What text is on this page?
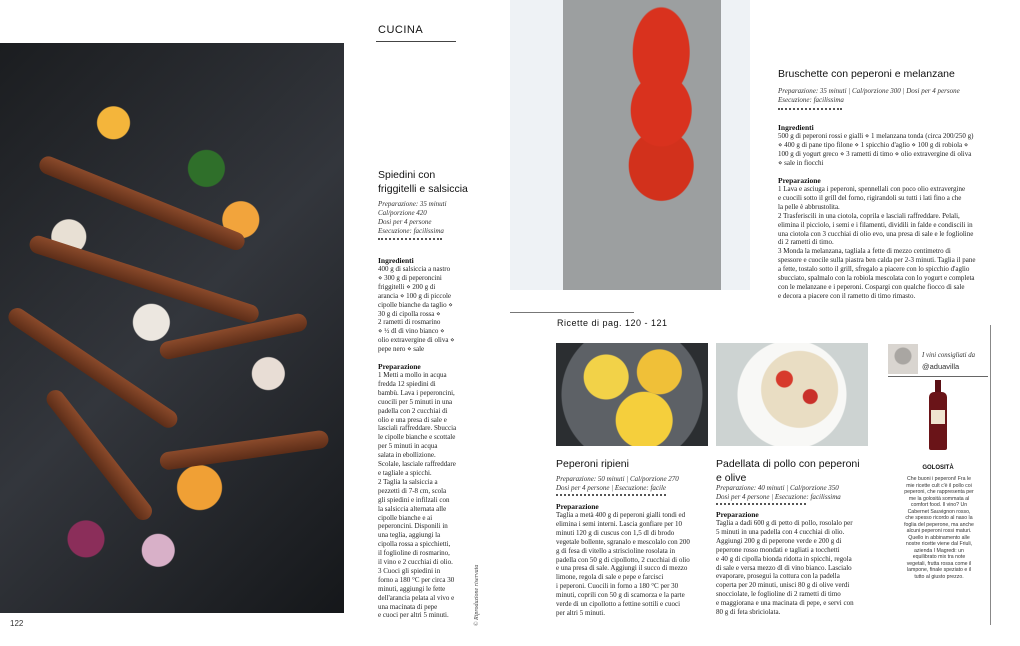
CUCINA
Spiedini con
friggitelli e salsiccia
Preparazione: 35 minuti
Cal/porzione 420
Dosi per 4 persone
Esecuzione: facilissima
Ingredienti
400 g di salsiccia a nastro
⋄ 300 g di peperoncini
friggitelli ⋄ 200 g di
arancia ⋄ 100 g di piccole
cipolle bianche da taglio ⋄
30 g di cipolla rossa ⋄
2 rametti di rosmarino
⋄ ½ dl di vino bianco ⋄
olio extravergine di oliva ⋄
pepe nero ⋄ sale
Preparazione
1 Metti a mollo in acqua
fredda 12 spiedini di
bambù. Lava i peperoncini,
cuocili per 5 minuti in una
padella con 2 cucchiai di
olio e una presa di sale e
lasciali raffreddare. Sbuccia
le cipolle bianche e scottale
per 5 minuti in acqua
salata in ebollizione.
Scolale, lasciale raffreddare
e tagliale a spicchi.
2 Taglia la salsiccia a
pezzetti di 7-8 cm, scola
gli spiedini e infilzali con
la salsiccia alternata alle
cipolle bianche e ai
peperoncini. Disponili in
una teglia, aggiungi la
cipolla rossa a spicchietti,
il foglioline di rosmarino,
il vino e 2 cucchiai di olio.
3 Cuoci gli spiedini in
forno a 180 °C per circa 30
minuti, aggiungi le fette
dell'arancia pelata al vivo e
una macinata di pepe
e cuoci per altri 5 minuti.	© Riproduzione riservata
122
Bruschette con peperoni e melanzane
Preparazione: 35 minuti | Cal/porzione 300 | Dosi per 4 persone
Esecuzione: facilissima
Ingredienti
500 g di peperoni rossi e gialli ⋄ 1 melanzana tonda (circa 200/250 g)
⋄ 400 g di pane tipo filone ⋄ 1 spicchio d'aglio ⋄ 100 g di robiola ⋄
100 g di yogurt greco ⋄ 3 rametti di timo ⋄ olio extravergine di oliva
⋄ sale in fiocchi
Preparazione
1 Lava e asciuga i peperoni, spennellali con poco olio extravergine
e cuocili sotto il grill del forno, rigirandoli su tutti i lati fino a che
la pelle è abbrustolita.
2 Trasferiscili in una ciotola, coprila e lasciali raffreddare. Pelali,
elimina il picciolo, i semi e i filamenti, dividili in falde e condiscili in
una ciotola con 3 cucchiai di olio evo, una presa di sale e le foglioline
di 2 rametti di timo.
3 Monda la melanzana, tagliala a fette di mezzo centimetro di
spessore e cuocile sulla piastra ben calda per 2-3 minuti. Taglia il pane
a fette, tostalo sotto il grill, sfregalo a piacere con lo spicchio d'aglio
sbucciato, spalmalo con la robiola mescolata con lo yogurt e completa
con le melanzane e i peperoni. Cospargi con qualche fiocco di sale
e decora a piacere con il rametto di timo rimasto.
Ricette di pag. 120 - 121
Peperoni ripieni
Preparazione: 50 minuti | Cal/porzione 270
Dosi per 4 persone | Esecuzione: facile
Preparazione
Taglia a metà 400 g di peperoni gialli tondi ed
elimina i semi interni. Lascia gonfiare per 10
minuti 120 g di cuscus con 1,5 dl di brodo
vegetale bollente, sgranalo e mescolalo con 200
g di fesa di vitello a striscioline rosolata in
padella con 50 g di cipollotto, 2 cucchiai di olio
e una presa di sale. Aggiungi il succo di mezzo
limone, regola di sale e pepe e farcisci
i peperoni. Cuocili in forno a 180 °C per 30
minuti, coprili con 50 g di scamorza e la parte
verde di un cipollotto a fettine sottili e cuoci
per altri 5 minuti.
Padellata di pollo con peperoni
e olive
Preparazione: 40 minuti | Cal/porzione 350
Dosi per 4 persone | Esecuzione: facilissima
Preparazione
Taglia a dadi 600 g di petto di pollo, rosolalo per
5 minuti in una padella con 4 cucchiai di olio.
Aggiungi 200 g di peperone verde e 200 g di
peperone rosso mondati e tagliati a tocchetti
e 40 g di cipolla bionda ridotta in spicchi, regola
di sale e versa mezzo dl di vino bianco. Lascialo
evaporare, prosegui la cottura con la padella
coperta per 20 minuti, unisci 80 g di olive verdi
snocciolate, le foglioline di 2 rametti di timo
e maggiorana e una macinata di pepe, e servi con
80 g di feta sbriciolata.
I vini consigliati da
@aduavilla
GOLOSITÀ
Che buoni i peperoni! Fra le
mie ricette cult c'è il pollo coi
peperoni, che rappresenta per
me la golosità sommata al
comfort food. Il vino? Un
Cabernet Sauvignon rosso,
che spesso ricordo al naso la
foglia del peperone, ma anche
alcuni peperoni rossi maturi.
Quello in abbinamento alle
nostre ricette viene dal Friuli,
azienda I Magredi: un
equilibrato mix tra note
vegetali, frutta rossa come il
lampone, finale speziato e il
tutto al giusto prezzo.
